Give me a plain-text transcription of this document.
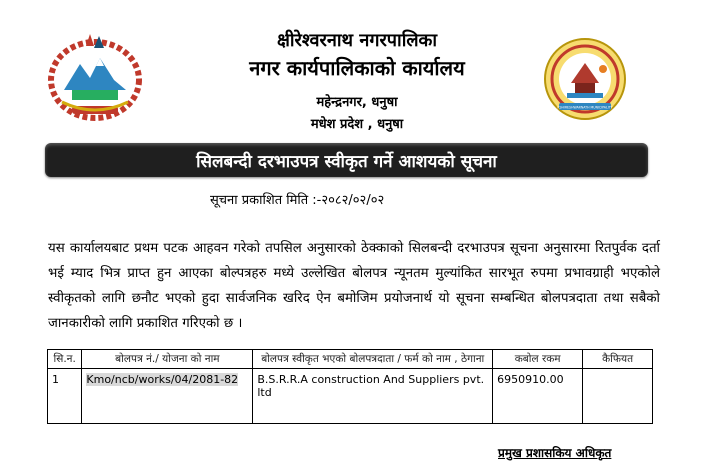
क्षीरेश्वरनाथ नगरपालिका
नगर कार्यपालिकाको कार्यालय
महेन्द्रनगर, धनुषा
मधेश प्रदेश , धनुषा
KSHIRESHWARNATH MUNICIPALITY
सिलबन्दी दरभाउपत्र स्वीकृत गर्ने आशयको सूचना
सूचना प्रकाशित मिति :-२०८२/०२/०२
यस कार्यालयबाट प्रथम पटक आहवन गरेको तपसिल अनुसारको ठेक्काको सिलबन्दी दरभाउपत्र सूचना अनुसारमा रितपुर्वक दर्ता भई म्याद भित्र प्राप्त हुन आएका बोल्पत्रहरु मध्ये उल्लेखित बोलपत्र न्यूनतम मुल्यांकित सारभूत रुपमा प्रभावग्राही भएकोले स्वीकृतको लागि छनौट भएको हुदा सार्वजनिक खरिद ऐन बमोजिम प्रयोजनार्थ यो सूचना सम्बन्धित बोलपत्रदाता तथा सबैको जानकारीको लागि प्रकाशित गरिएको छ ।
सि.न.	बोलपत्र नं./ योजना को नाम	बोलपत्र स्वीकृत भएको बोलपत्रदाता / फर्म को नाम , ठेगाना	कबोल रकम	कैफियत
1	Kmo/ncb/works/04/2081-82	B.S.R.R.A construction And Suppliers pvt. ltd	6950910.00	
प्रमुख प्रशासकिय अधिकृत
